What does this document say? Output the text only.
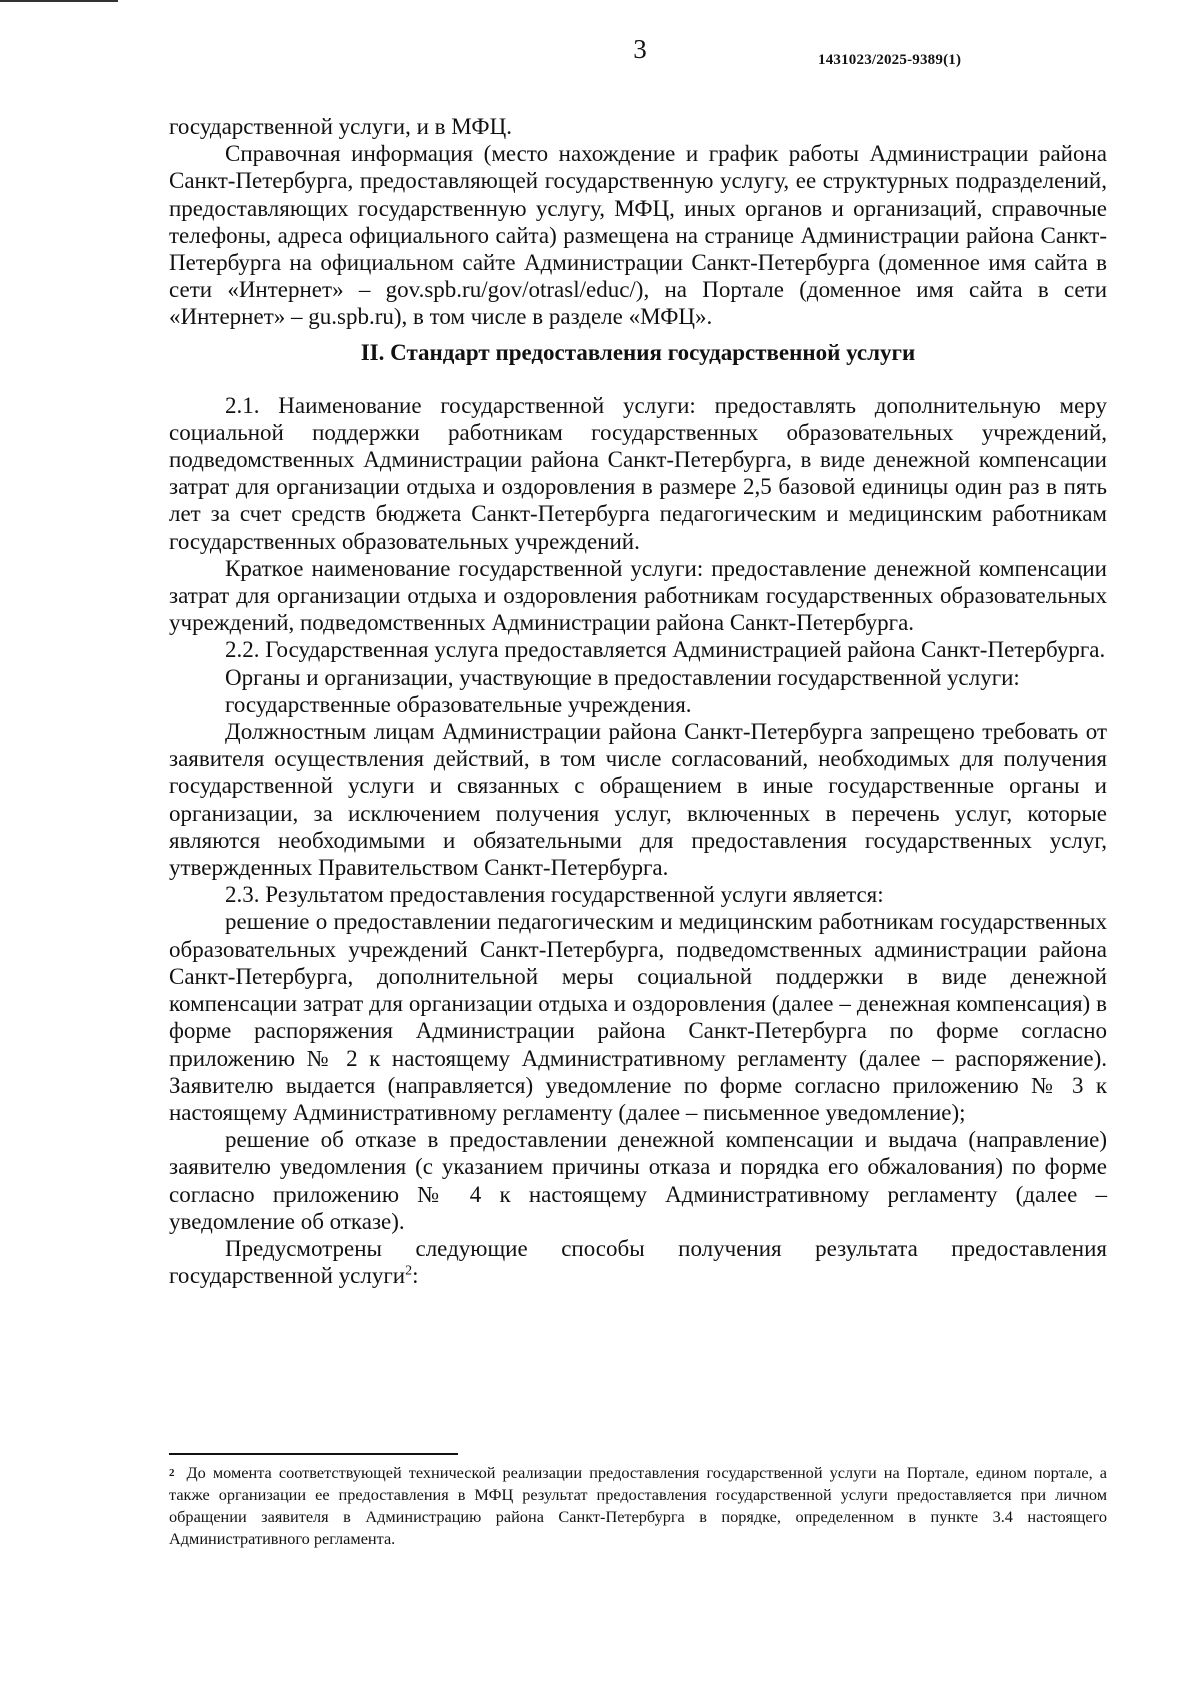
3	1431023/2025-9389(1)

государственной услуги, и в МФЦ.

Справочная информация (место нахождение и график работы Администрации района Санкт-Петербурга, предоставляющей государственную услугу, ее структурных подразделений, предоставляющих государственную услугу, МФЦ, иных органов и организаций, справочные телефоны, адреса официального сайта) размещена на странице Администрации района Санкт-Петербурга на официальном сайте Администрации Санкт-Петербурга (доменное имя сайта в сети «Интернет» – gov.spb.ru/gov/otrasl/educ/), на Портале (доменное имя сайта в сети «Интернет» – gu.spb.ru), в том числе в разделе «МФЦ».

II. Стандарт предоставления государственной услуги

2.1. Наименование государственной услуги: предоставлять дополнительную меру социальной поддержки работникам государственных образовательных учреждений, подведомственных Администрации района Санкт-Петербурга, в виде денежной компенсации затрат для организации отдыха и оздоровления в размере 2,5 базовой единицы один раз в пять лет за счет средств бюджета Санкт-Петербурга педагогическим и медицинским работникам государственных образовательных учреждений.

Краткое наименование государственной услуги: предоставление денежной компенсации затрат для организации отдыха и оздоровления работникам государственных образовательных учреждений, подведомственных Администрации района Санкт-Петербурга.

2.2. Государственная услуга предоставляется Администрацией района Санкт-Петербурга.

Органы и организации, участвующие в предоставлении государственной услуги:

государственные образовательные учреждения.

Должностным лицам Администрации района Санкт-Петербурга запрещено требовать от заявителя осуществления действий, в том числе согласований, необходимых для получения государственной услуги и связанных с обращением в иные государственные органы и организации, за исключением получения услуг, включенных в перечень услуг, которые являются необходимыми и обязательными для предоставления государственных услуг, утвержденных Правительством Санкт-Петербурга.

2.3. Результатом предоставления государственной услуги является:

решение о предоставлении педагогическим и медицинским работникам государственных образовательных учреждений Санкт-Петербурга, подведомственных администрации района Санкт-Петербурга, дополнительной меры социальной поддержки в виде денежной компенсации затрат для организации отдыха и оздоровления (далее – денежная компенсация) в форме распоряжения Администрации района Санкт-Петербурга по форме согласно приложению № 2 к настоящему Административному регламенту (далее – распоряжение). Заявителю выдается (направляется) уведомление по форме согласно приложению № 3 к настоящему Административному регламенту (далее – письменное уведомление);

решение об отказе в предоставлении денежной компенсации и выдача (направление) заявителю уведомления (с указанием причины отказа и порядка его обжалования) по форме согласно приложению № 4 к настоящему Административному регламенту (далее – уведомление об отказе).

Предусмотрены следующие способы получения результата предоставления государственной услуги$^2$:

$^2$ До момента соответствующей технической реализации предоставления государственной услуги на Портале, едином портале, а также организации ее предоставления в МФЦ результат предоставления государственной услуги предоставляется при личном обращении заявителя в Администрацию района Санкт-Петербурга в порядке, определенном в пункте 3.4 настоящего Административного регламента.
